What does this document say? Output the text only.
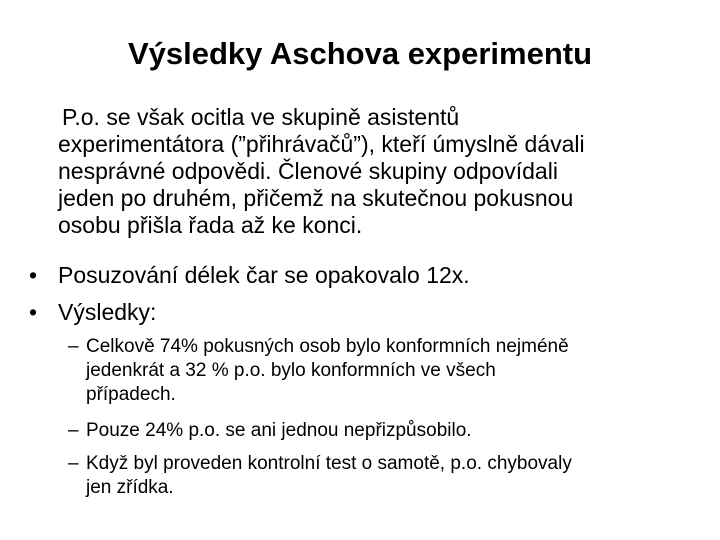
Výsledky Aschova experimentu
P.o. se však ocitla ve skupině asistentů
experimentátora (”přihrávačů”), kteří úmyslně dávali
nesprávné odpovědi. Členové skupiny odpovídali
jeden po druhém, přičemž na skutečnou pokusnou
osobu přišla řada až ke konci.
• Posuzování délek čar se opakovalo 12x.
• Výsledky:
– Celkově 74% pokusných osob bylo konformních nejméně
jedenkrát a 32 % p.o. bylo konformních ve všech
případech.
– Pouze 24% p.o. se ani jednou nepřizpůsobilo.
– Když byl proveden kontrolní test o samotě, p.o. chybovaly
jen zřídka.
